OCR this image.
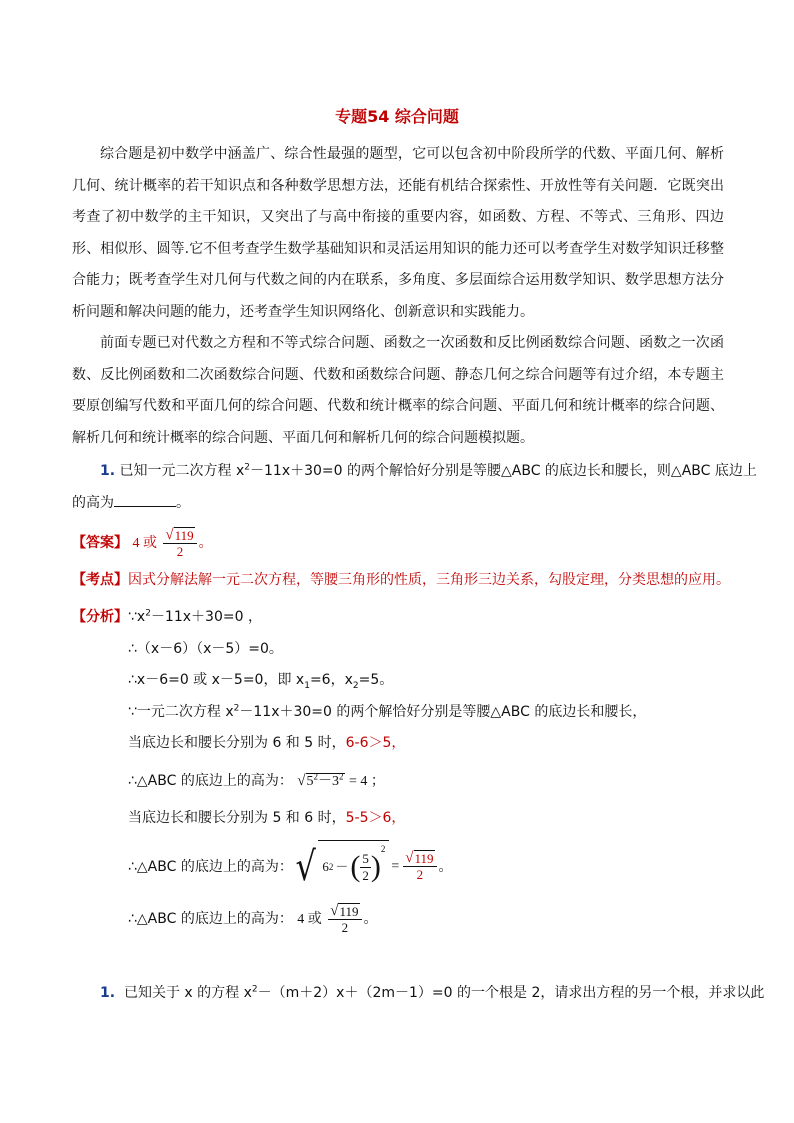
专题54 综合问题

综合题是初中数学中涵盖广、综合性最强的题型，它可以包含初中阶段所学的代数、平面几何、解析几何、统计概率的若干知识点和各种数学思想方法，还能有机结合探索性、开放性等有关问题．它既突出考查了初中数学的主干知识，又突出了与高中衔接的重要内容，如函数、方程、不等式、三角形、四边形、相似形、圆等.它不但考查学生数学基础知识和灵活运用知识的能力还可以考查学生对数学知识迁移整合能力；既考查学生对几何与代数之间的内在联系，多角度、多层面综合运用数学知识、数学思想方法分析问题和解决问题的能力，还考查学生知识网络化、创新意识和实践能力。

前面专题已对代数之方程和不等式综合问题、函数之一次函数和反比例函数综合问题、函数之一次函数、反比例函数和二次函数综合问题、代数和函数综合问题、静态几何之综合问题等有过介绍，本专题主要原创编写代数和平面几何的综合问题、代数和统计概率的综合问题、平面几何和统计概率的综合问题、解析几何和统计概率的综合问题、平面几何和解析几何的综合问题模拟题。

1. 已知一元二次方程 $x^2-11x+30=0$ 的两个解恰好分别是等腰△ABC 的底边长和腰长，则△ABC 底边上
的高为	。
【答案】 4 或 $\frac{√ 119}{2}$ 。
【考点】因式分解法解一元二次方程，等腰三角形的性质，三角形三边关系，勾股定理，分类思想的应用。
【分析】$\because x^2-11x+30=0$ ，
∴（x－6）（x－5）=0。
∴x－6=0 或 x－5=0，即 $x_1=6$，$x_2=5$。
∵一元二次方程 $x^2-11x+30=0$ 的两个解恰好分别是等腰△ABC 的底边长和腰长，
当底边长和腰长分别为 6 和 5 时，6-6＞5，
∴△ABC 的底边上的高为： √ $5^2-3^2 = 4$ ；
当底边长和腰长分别为 5 和 6 时，5-5＞6，
∴△ABC 的底边上的高为： √ 6 2 － ( $\frac{5}{2}$ )
2
= $\frac{√ 119}{2}$ 。
∴△ABC 的底边上的高为： 4 或 $\frac{√ 119}{2}$ 。
1. 已知关于 x 的方程 $x^2-(m+2)x+(2m-1)=0$ 的一个根是 2，请求出方程的另一个根，并求以此
